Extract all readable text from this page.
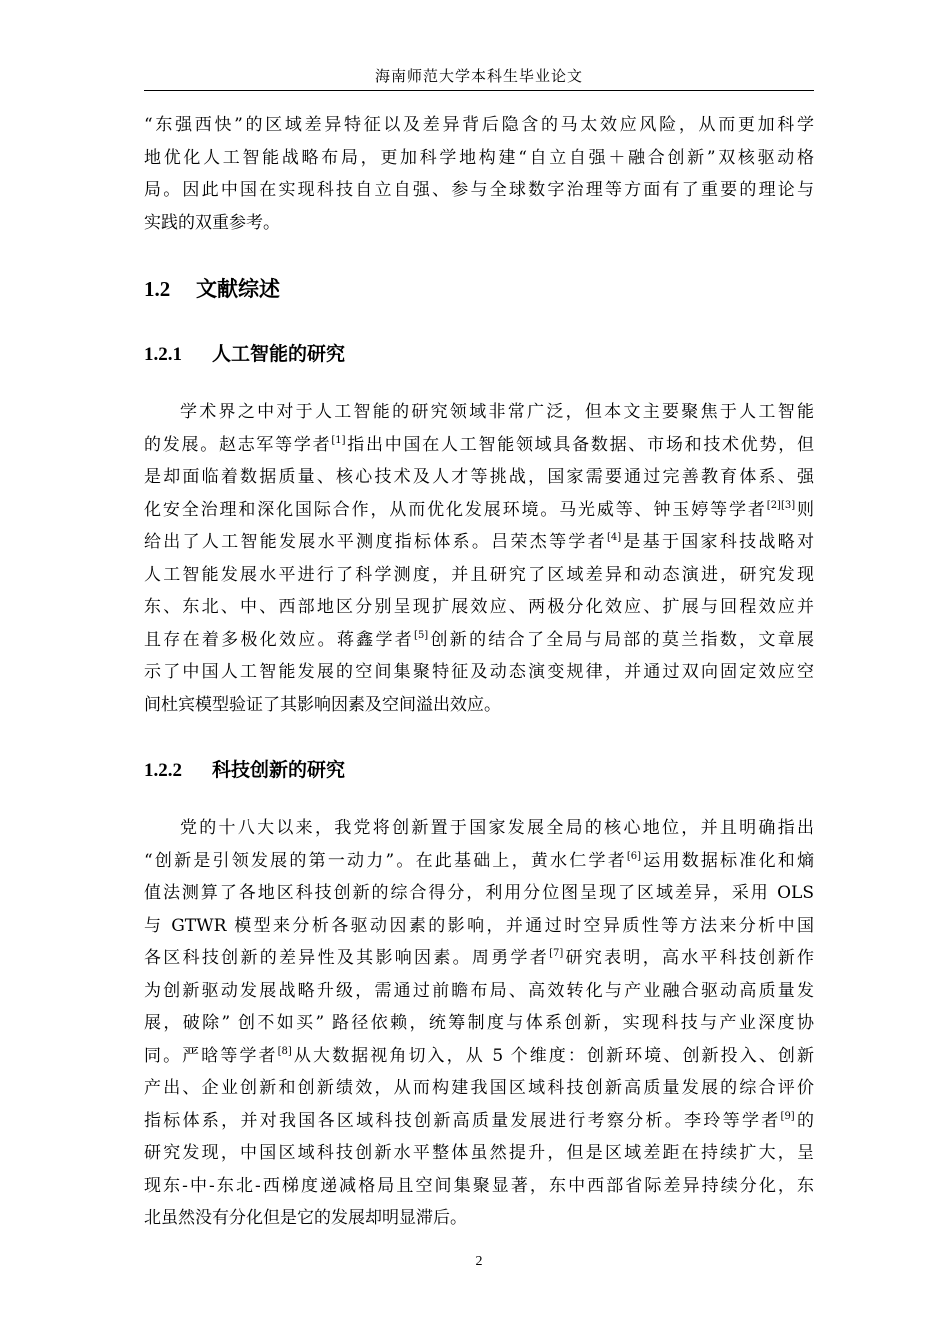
海南师范大学本科生毕业论文
“东强西快”的区域差异特征以及差异背后隐含的马太效应风险，从而更加科学
地优化人工智能战略布局，更加科学地构建“自立自强＋融合创新”双核驱动格
局。因此中国在实现科技自立自强、参与全球数字治理等方面有了重要的理论与
实践的双重参考。
1.2 文献综述
1.2.1 人工智能的研究
学术界之中对于人工智能的研究领域非常广泛，但本文主要聚焦于人工智能
的发展。赵志军等学者[1]指出中国在人工智能领域具备数据、市场和技术优势，但
是却面临着数据质量、核心技术及人才等挑战，国家需要通过完善教育体系、强
化安全治理和深化国际合作，从而优化发展环境。马光威等、钟玉婷等学者[2][3]则
给出了人工智能发展水平测度指标体系。吕荣杰等学者[4]是基于国家科技战略对
人工智能发展水平进行了科学测度，并且研究了区域差异和动态演进，研究发现
东、东北、中、西部地区分别呈现扩展效应、两极分化效应、扩展与回程效应并
且存在着多极化效应。蒋鑫学者[5]创新的结合了全局与局部的莫兰指数，文章展
示了中国人工智能发展的空间集聚特征及动态演变规律，并通过双向固定效应空
间杜宾模型验证了其影响因素及空间溢出效应。
1.2.2 科技创新的研究
党的十八大以来，我党将创新置于国家发展全局的核心地位，并且明确指出
“创新是引领发展的第一动力”。在此基础上，黄水仁学者[6]运用数据标准化和熵
值法测算了各地区科技创新的综合得分，利用分位图呈现了区域差异，采用 OLS
与 GTWR 模型来分析各驱动因素的影响，并通过时空异质性等方法来分析中国
各区科技创新的差异性及其影响因素。周勇学者[7]研究表明，高水平科技创新作
为创新驱动发展战略升级，需通过前瞻布局、高效转化与产业融合驱动高质量发
展，破除” 创不如买” 路径依赖，统筹制度与体系创新，实现科技与产业深度协
同。严晗等学者[8]从大数据视角切入，从 5 个维度：创新环境、创新投入、创新
产出、企业创新和创新绩效，从而构建我国区域科技创新高质量发展的综合评价
指标体系，并对我国各区域科技创新高质量发展进行考察分析。李玲等学者[9]的
研究发现，中国区域科技创新水平整体虽然提升，但是区域差距在持续扩大，呈
现东-中-东北-西梯度递减格局且空间集聚显著，东中西部省际差异持续分化，东
北虽然没有分化但是它的发展却明显滞后。
2
